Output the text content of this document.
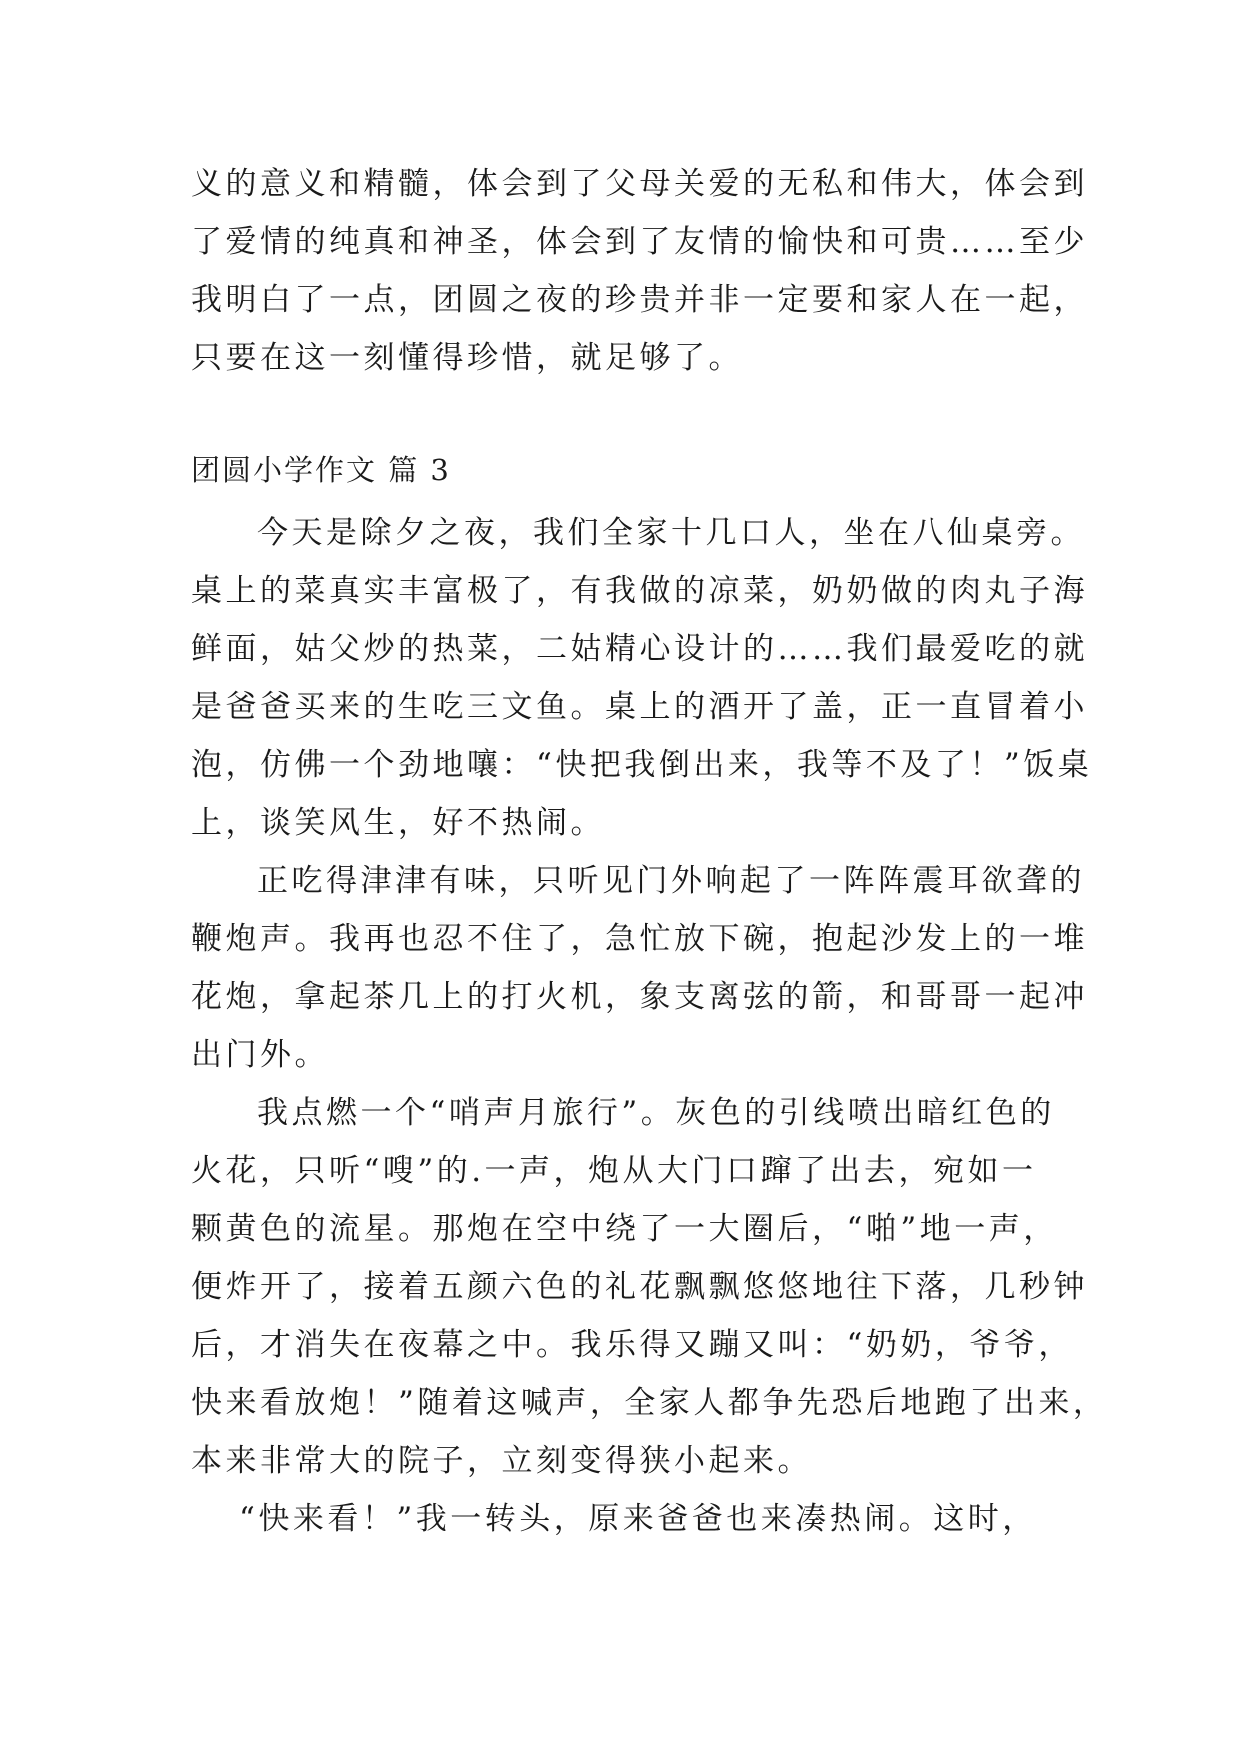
义的意义和精髓，体会到了父母关爱的无私和伟大，体会到
了爱情的纯真和神圣，体会到了友情的愉快和可贵……至少
我明白了一点，团圆之夜的珍贵并非一定要和家人在一起，
只要在这一刻懂得珍惜，就足够了。
团圆小学作文 篇 3
今天是除夕之夜，我们全家十几口人，坐在八仙桌旁。
桌上的菜真实丰富极了，有我做的凉菜，奶奶做的肉丸子海
鲜面，姑父炒的热菜，二姑精心设计的……我们最爱吃的就
是爸爸买来的生吃三文鱼。桌上的酒开了盖，正一直冒着小
泡，仿佛一个劲地嚷：“快把我倒出来，我等不及了！”饭桌
上，谈笑风生，好不热闹。
正吃得津津有味，只听见门外响起了一阵阵震耳欲聋的
鞭炮声。我再也忍不住了，急忙放下碗，抱起沙发上的一堆
花炮，拿起茶几上的打火机，象支离弦的箭，和哥哥一起冲
出门外。
我点燃一个“哨声月旅行”。灰色的引线喷出暗红色的
火花，只听“嗖”的.一声，炮从大门口蹿了出去，宛如一
颗黄色的流星。那炮在空中绕了一大圈后，“啪”地一声，
便炸开了，接着五颜六色的礼花飘飘悠悠地往下落，几秒钟
后，才消失在夜幕之中。我乐得又蹦又叫：“奶奶，爷爷，
快来看放炮！”随着这喊声，全家人都争先恐后地跑了出来，
本来非常大的院子，立刻变得狭小起来。
“快来看！”我一转头，原来爸爸也来凑热闹。这时，
